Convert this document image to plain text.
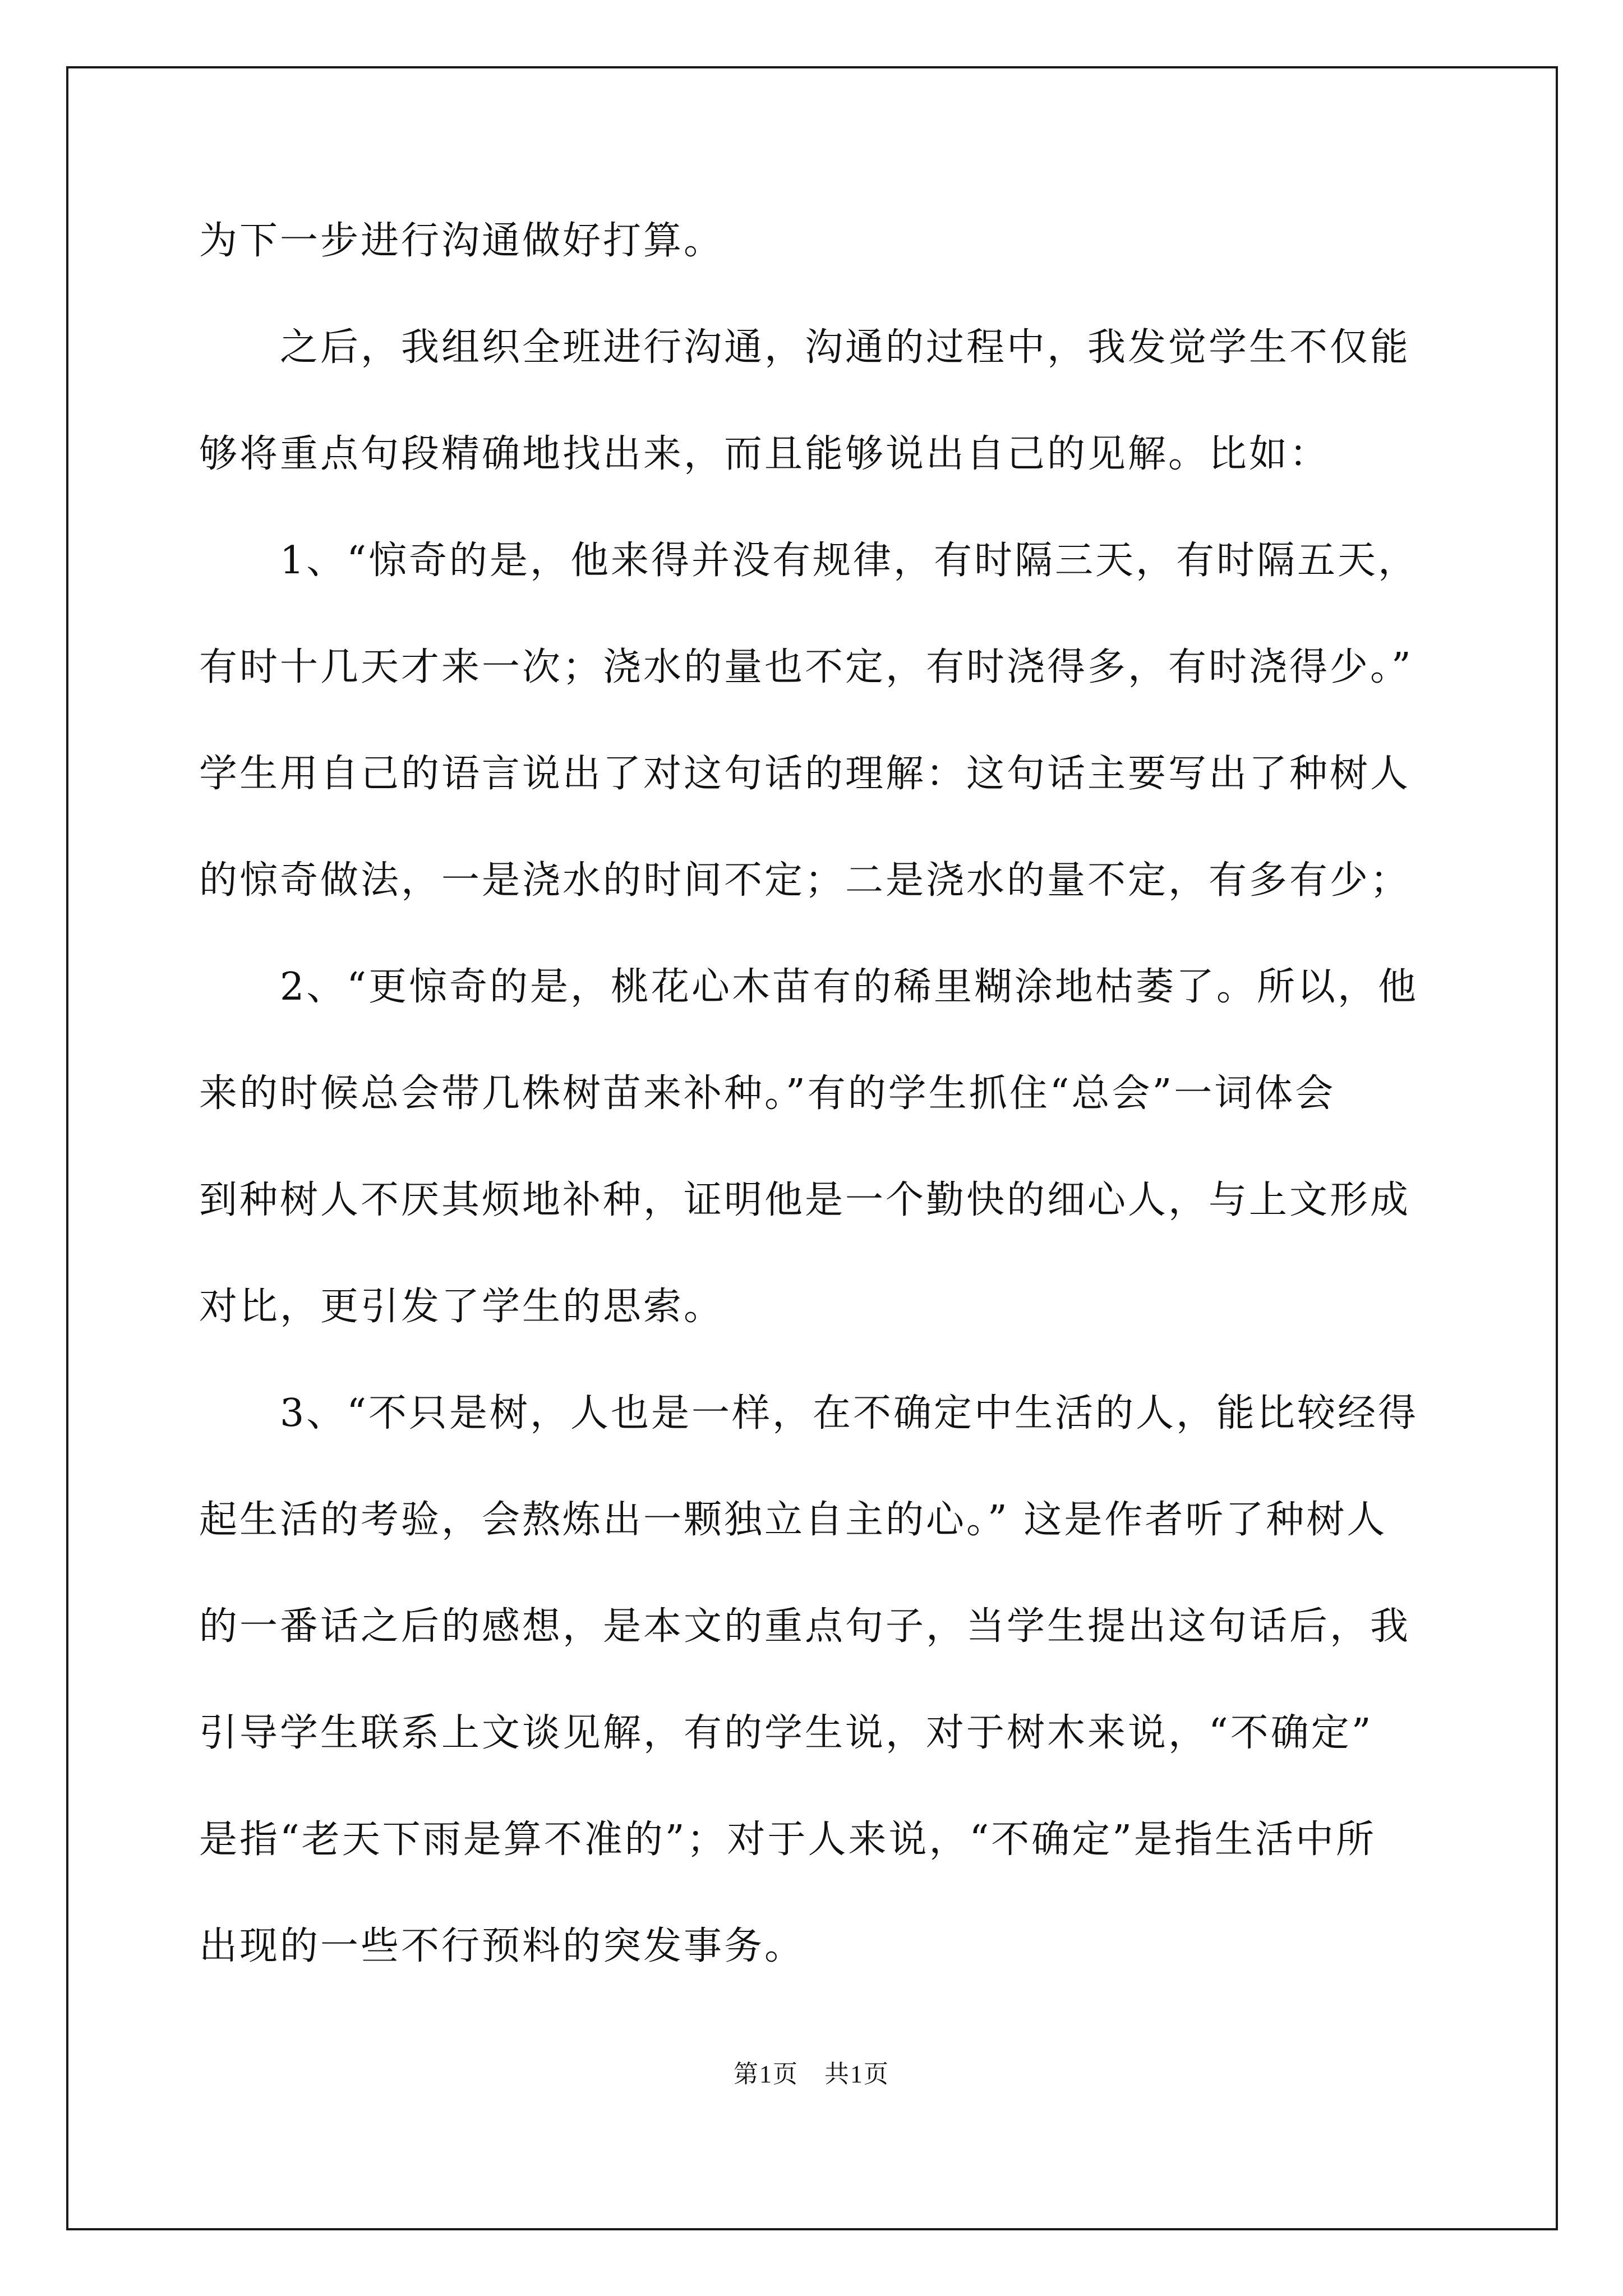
为下一步进行沟通做好打算。

　　之后，我组织全班进行沟通，沟通的过程中，我发觉学生不仅能

够将重点句段精确地找出来，而且能够说出自己的见解。比如：

　　1、“惊奇的是，他来得并没有规律，有时隔三天，有时隔五天，

有时十几天才来一次；浇水的量也不定，有时浇得多，有时浇得少。”

学生用自己的语言说出了对这句话的理解：这句话主要写出了种树人

的惊奇做法，一是浇水的时间不定；二是浇水的量不定，有多有少；

　　2、“更惊奇的是，桃花心木苗有的稀里糊涂地枯萎了。所以，他

来的时候总会带几株树苗来补种。”有的学生抓住“总会”一词体会

到种树人不厌其烦地补种，证明他是一个勤快的细心人，与上文形成

对比，更引发了学生的思索。

　　3、“不只是树，人也是一样，在不确定中生活的人，能比较经得

起生活的考验，会熬炼出一颗独立自主的心。” 这是作者听了种树人

的一番话之后的感想，是本文的重点句子，当学生提出这句话后，我

引导学生联系上文谈见解，有的学生说，对于树木来说，“不确定”

是指“老天下雨是算不准的”；对于人来说，“不确定”是指生活中所

出现的一些不行预料的突发事务。

第1页　共1页
